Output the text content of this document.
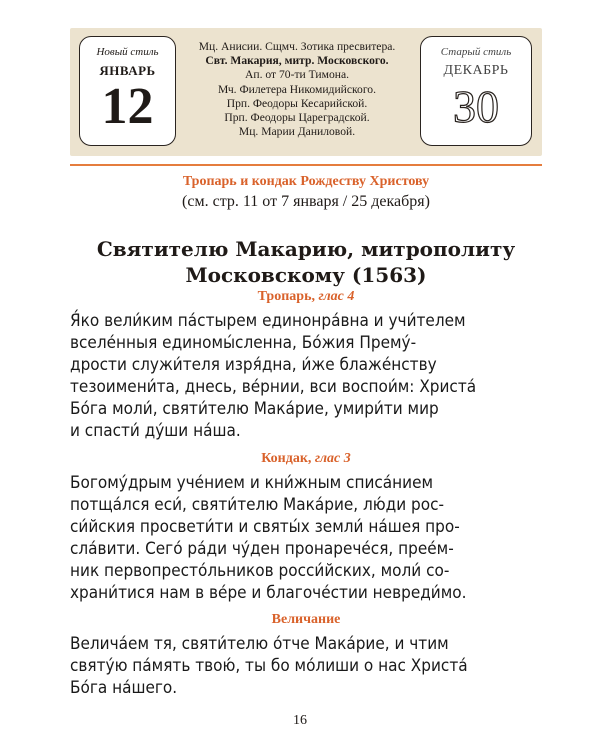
Новый стиль
ЯНВАРЬ
12
Мц. Анисии. Сщмч. Зотика пресвитера.
Свт. Макария, митр. Московского.
Ап. от 70-ти Тимона.
Мч. Филетера Никомидийского.
Прп. Феодоры Кесарийской.
Прп. Феодоры Цареградской.
Мц. Марии Даниловой.
Старый стиль
ДЕКАБРЬ
30
Тропарь и кондак Рождеству Христову
(см. стр. 11 от 7 января / 25 декабря)
Святителю Макарию, митрополиту
Московскому (1563)
Тропарь, глас 4
Я́ко вели́ким па́стырем единонра́вна и учи́телем
вселе́нныя единомы́сленна, Бо́жия Прему́-
дрости служи́теля изря́дна, и́же блаже́нству
тезоимени́та, днесь, ве́рнии, вси воспои́м: Христа́
Бо́га моли́, святи́телю Мака́рие, умири́ти мир
и спасти́ ду́ши на́ша.
Кондак, глас 3
Богому́дрым уче́нием и кни́жным списа́нием
потща́лся еси́, святи́телю Мака́рие, лю́ди рос-
си́йския просвети́ти и святы́х земли́ на́шея про-
сла́вити. Сего́ ра́ди чу́ден пронарече́ся, прее́м-
ник первопресто́льников росси́йских, моли́ со-
храни́тися нам в ве́ре и благоче́стии невреди́мо.
Величание
Велича́ем тя, святи́телю о́тче Мака́рие, и чтим
святу́ю па́мять твою́, ты бо мо́лиши о нас Христа́
Бо́га на́шего.
16
